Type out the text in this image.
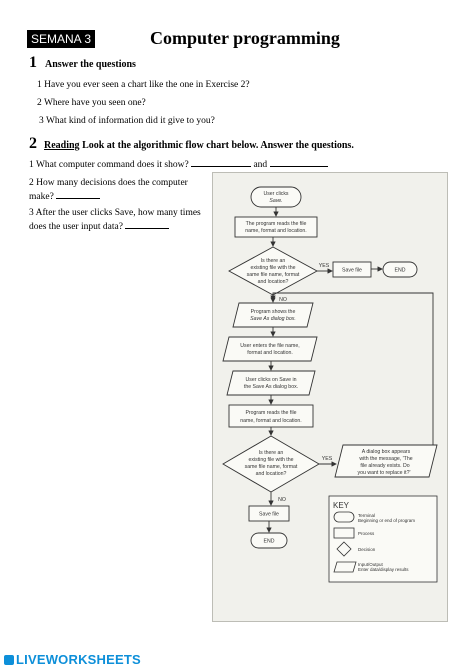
SEMANA 3	Computer programming
1 Answer the questions
1 Have you ever seen a chart like the one in Exercise 2?
2 Where have you seen one?
3 What kind of information did it give to you?
2 Reading Look at the algorithmic flow chart below. Answer the questions.
1 What computer command does it show?	and
2 How many decisions does the computer
make?
3 After the user clicks Save, how many times
does the user input data?
User clicks
Save.
The program reads the file
name, format and location.
Is there an
existing file with the
same file name, format
and location?
YES
Save file	END
NO
Program shows the
Save As dialog box.
User enters the file name,
format and location.
User clicks on Save in
the Save As dialog box.
Program reads the file
name, format and location.
Is there an
existing file with the
same file name, format
and location?
YES
A dialog box appears
with the message, 'The
file already exists. Do
you want to replace it?'
NO
Save file
END
KEY
Terminal
Beginning or end of program
Process
Decision
Input/Output
Enter data/display results
LIVEWORKSHEETS
